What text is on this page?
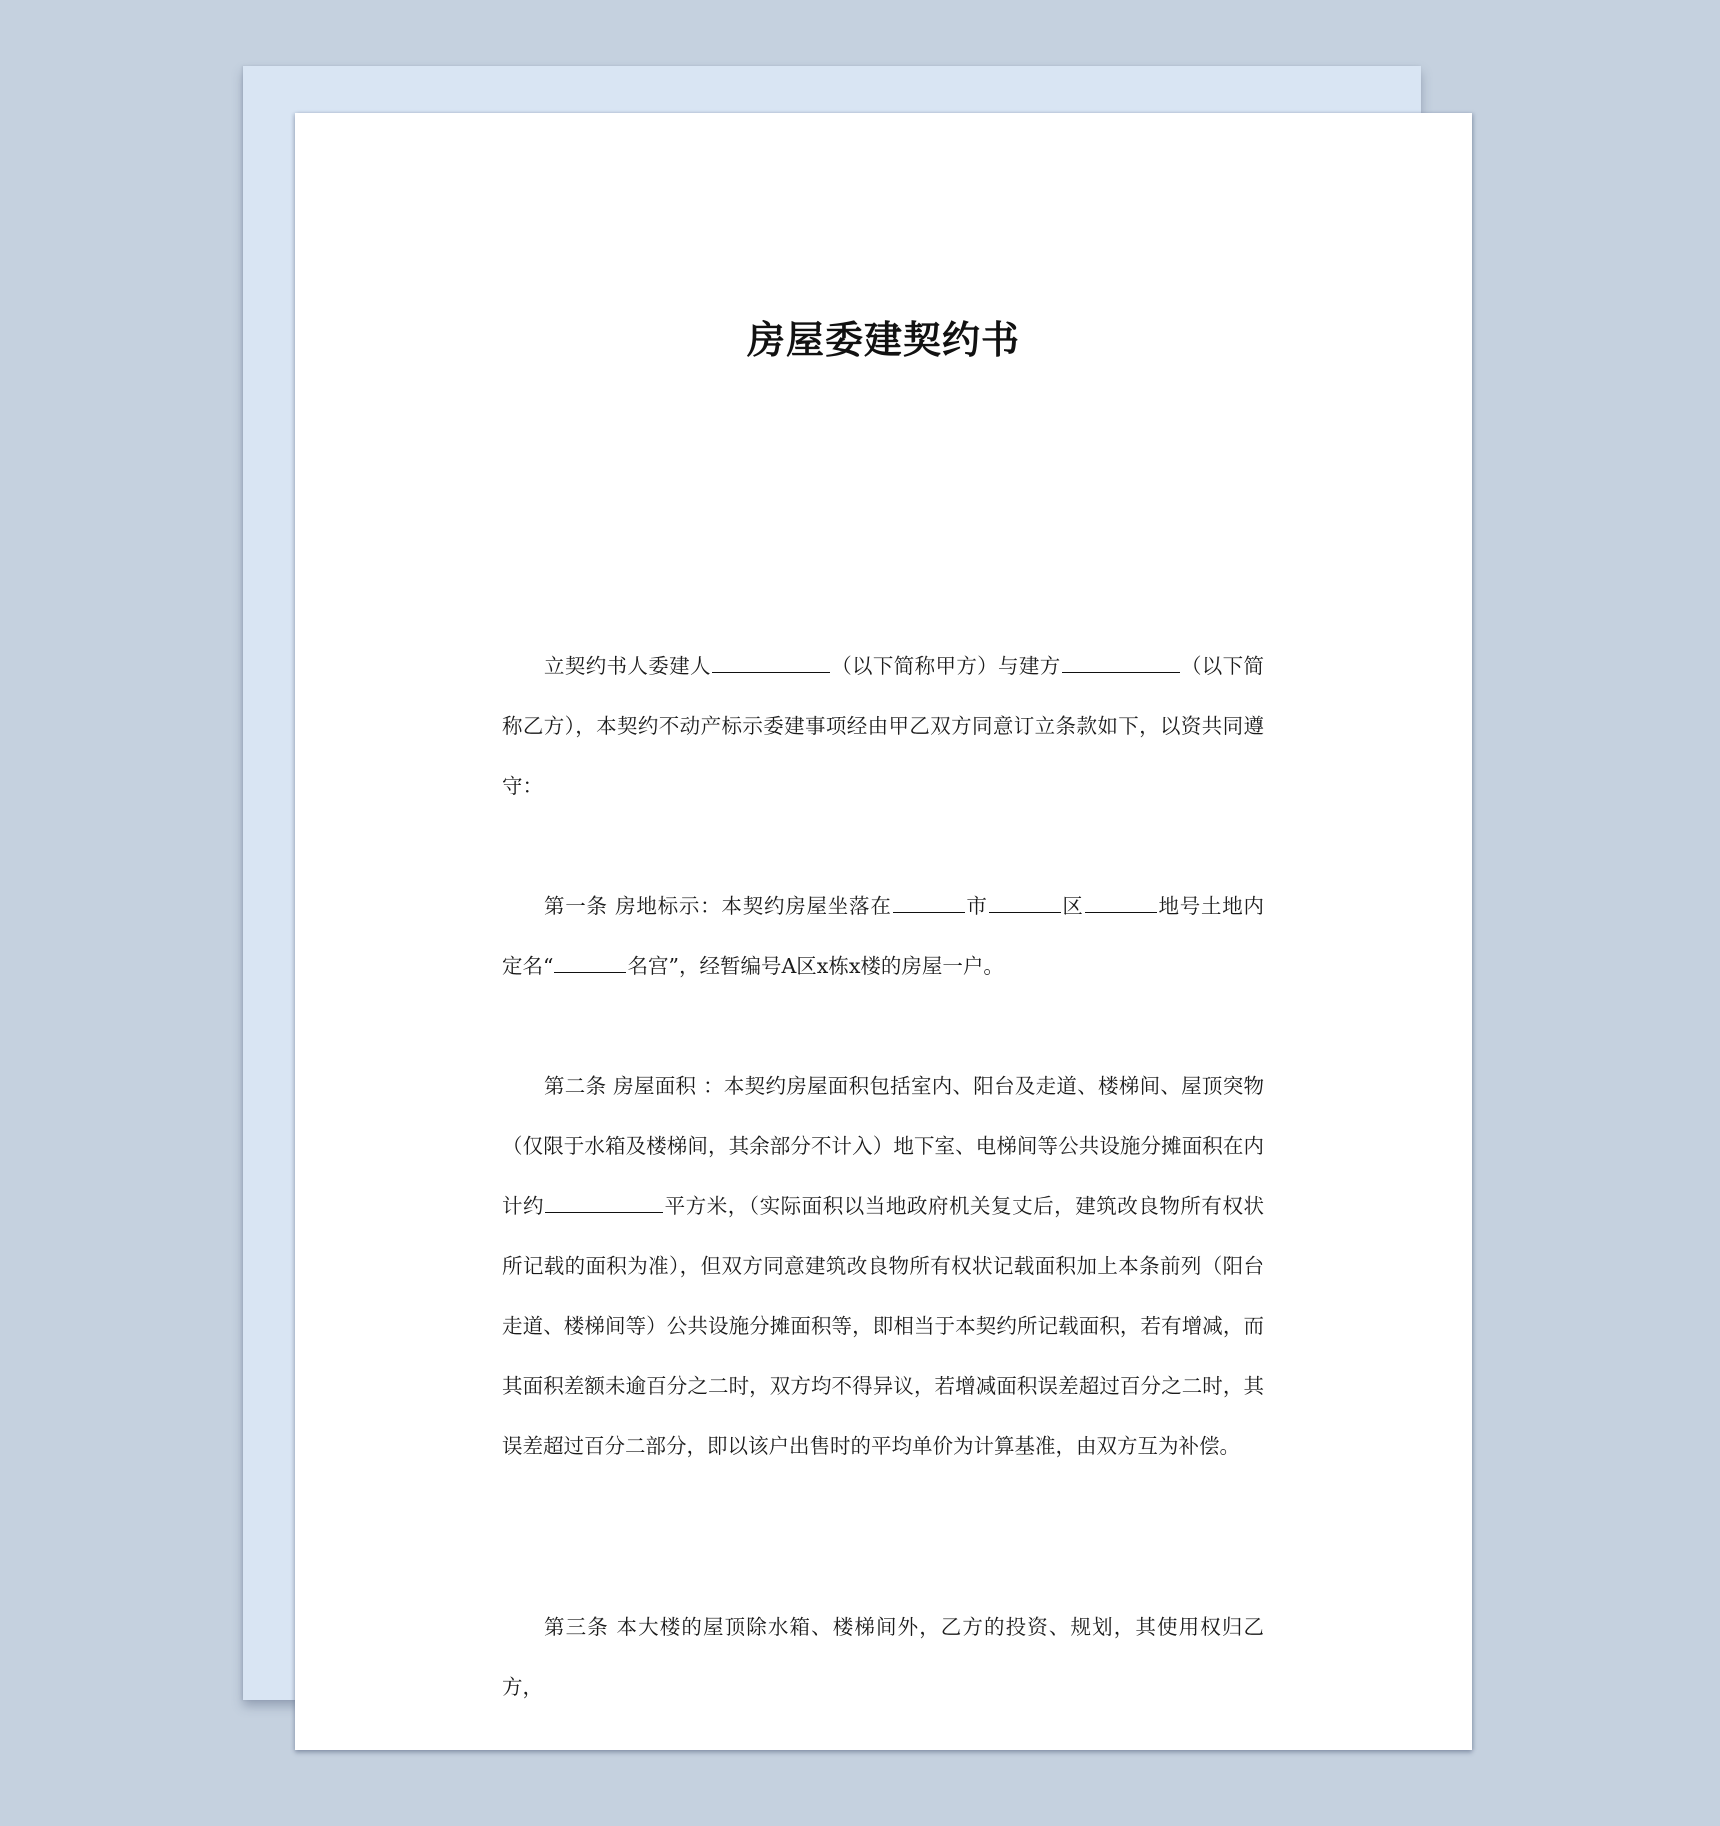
房屋委建契约书

立契约书人委建人	（以下简称甲方）与建方	（以下简称乙方），本契约不动产标示委建事项经由甲乙双方同意订立条款如下，以资共同遵守：

第一条 房地标示：本契约房屋坐落在	市	区	地号土地内定名“	名宫”，经暂编号A区x栋x楼的房屋一户。

第二条 房屋面积 ：本契约房屋面积包括室内、阳台及走道、楼梯间、屋顶突物（仅限于水箱及楼梯间，其余部分不计入）地下室、电梯间等公共设施分摊面积在内计约	平方米，（实际面积以当地政府机关复丈后，建筑改良物所有权状所记载的面积为准），但双方同意建筑改良物所有权状记载面积加上本条前列（阳台走道、楼梯间等）公共设施分摊面积等，即相当于本契约所记载面积，若有增减，而其面积差额未逾百分之二时，双方均不得异议，若增减面积误差超过百分之二时，其误差超过百分二部分，即以该户出售时的平均单价为计算基准，由双方互为补偿。

第三条 本大楼的屋顶除水箱、楼梯间外，乙方的投资、规划，其使用权归乙方，
